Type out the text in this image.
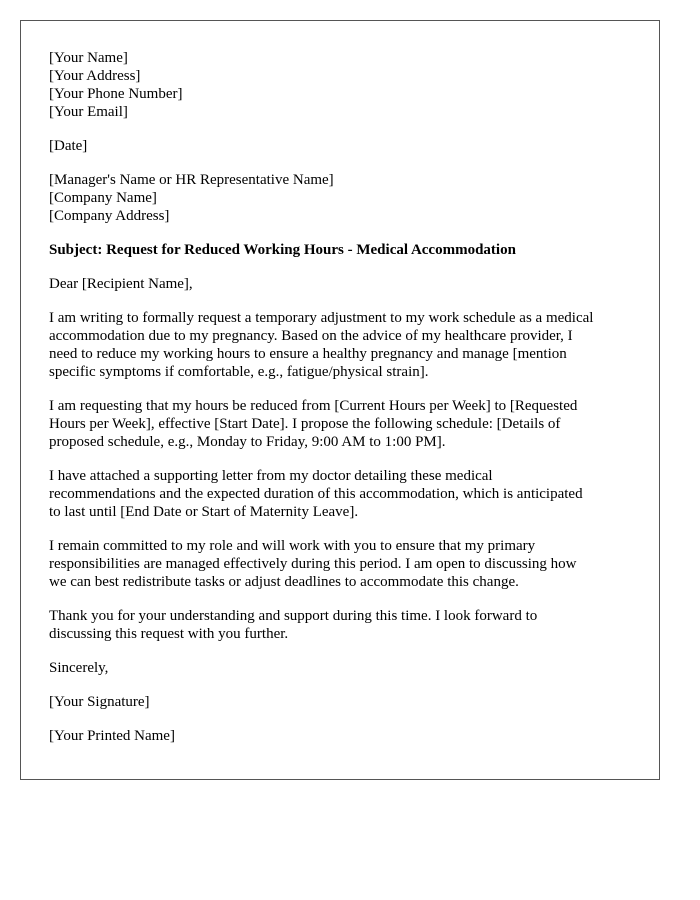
[Your Name]
[Your Address]
[Your Phone Number]
[Your Email]
[Date]
[Manager's Name or HR Representative Name]
[Company Name]
[Company Address]
Subject: Request for Reduced Working Hours - Medical Accommodation
Dear [Recipient Name],
I am writing to formally request a temporary adjustment to my work schedule as a medical
accommodation due to my pregnancy. Based on the advice of my healthcare provider, I
need to reduce my working hours to ensure a healthy pregnancy and manage [mention
specific symptoms if comfortable, e.g., fatigue/physical strain].
I am requesting that my hours be reduced from [Current Hours per Week] to [Requested
Hours per Week], effective [Start Date]. I propose the following schedule: [Details of
proposed schedule, e.g., Monday to Friday, 9:00 AM to 1:00 PM].
I have attached a supporting letter from my doctor detailing these medical
recommendations and the expected duration of this accommodation, which is anticipated
to last until [End Date or Start of Maternity Leave].
I remain committed to my role and will work with you to ensure that my primary
responsibilities are managed effectively during this period. I am open to discussing how
we can best redistribute tasks or adjust deadlines to accommodate this change.
Thank you for your understanding and support during this time. I look forward to
discussing this request with you further.
Sincerely,
[Your Signature]
[Your Printed Name]
